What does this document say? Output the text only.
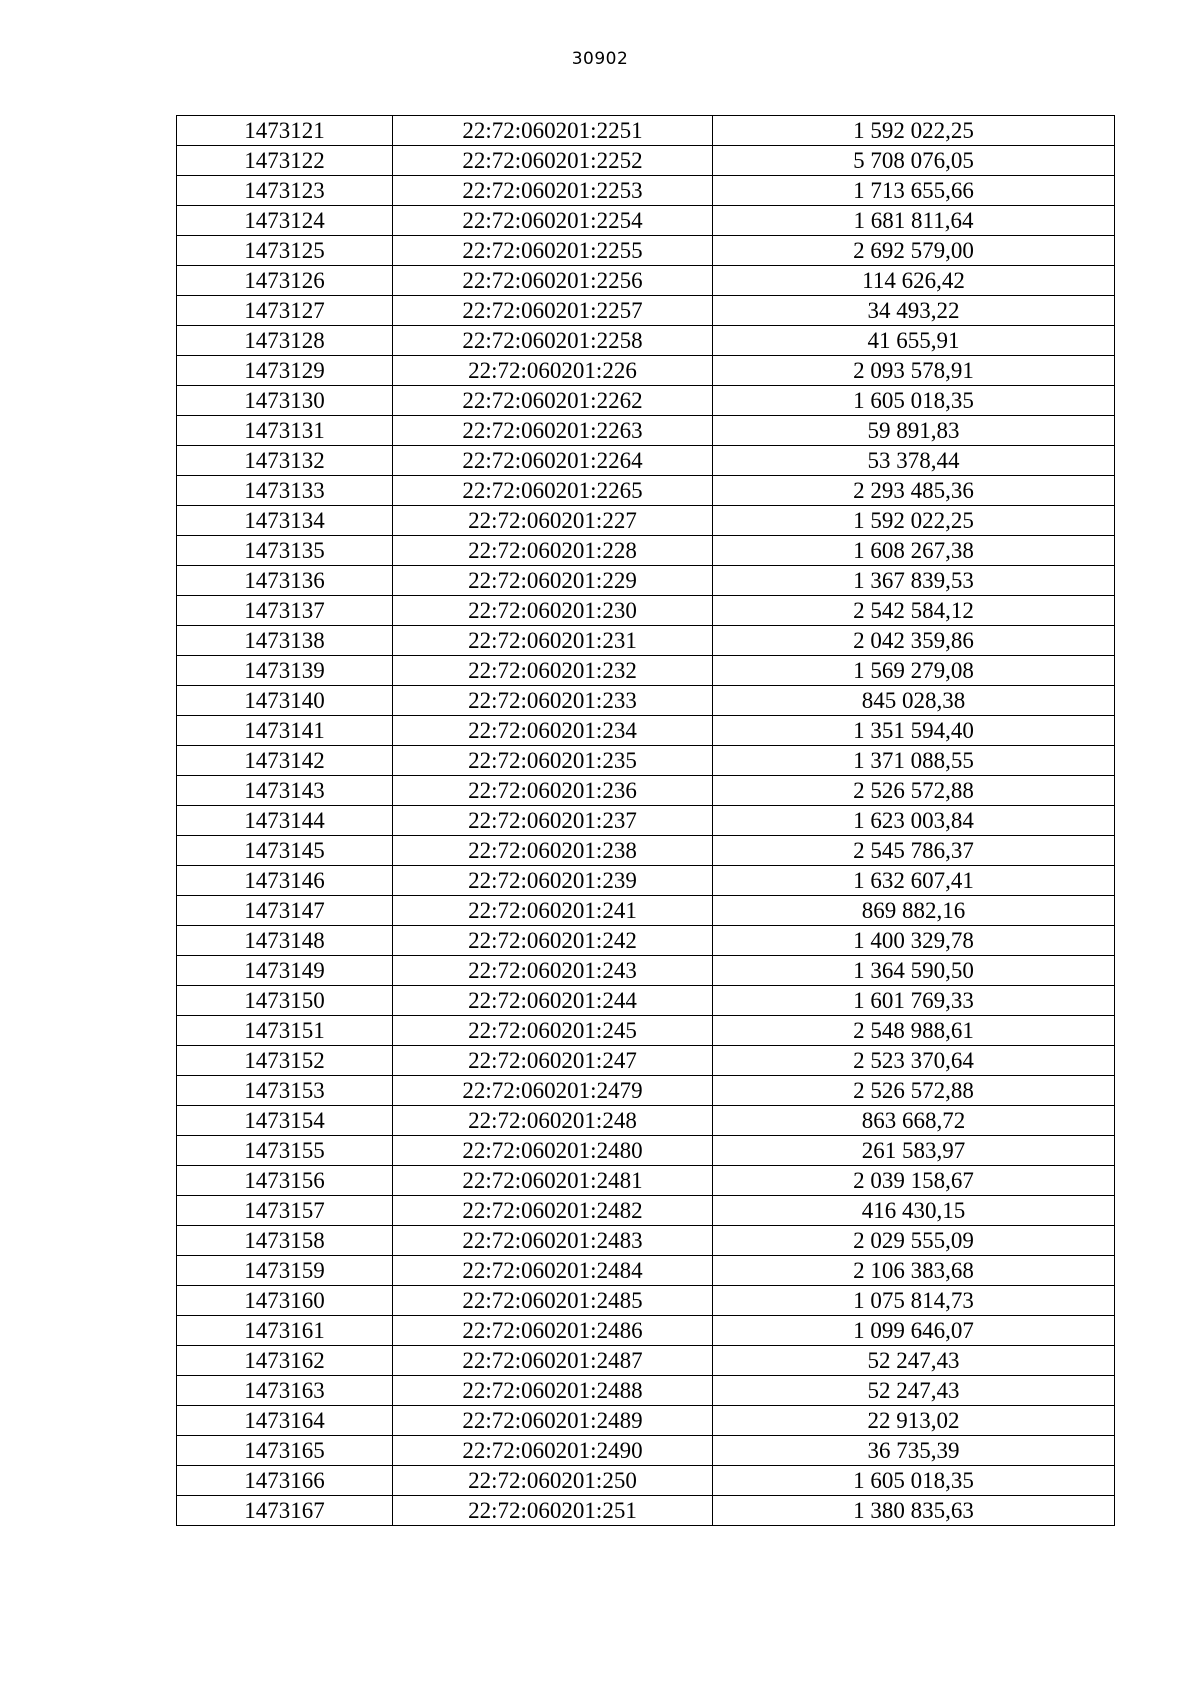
30902
1473121	22:72:060201:2251	1 592 022,25
1473122	22:72:060201:2252	5 708 076,05
1473123	22:72:060201:2253	1 713 655,66
1473124	22:72:060201:2254	1 681 811,64
1473125	22:72:060201:2255	2 692 579,00
1473126	22:72:060201:2256	114 626,42
1473127	22:72:060201:2257	34 493,22
1473128	22:72:060201:2258	41 655,91
1473129	22:72:060201:226	2 093 578,91
1473130	22:72:060201:2262	1 605 018,35
1473131	22:72:060201:2263	59 891,83
1473132	22:72:060201:2264	53 378,44
1473133	22:72:060201:2265	2 293 485,36
1473134	22:72:060201:227	1 592 022,25
1473135	22:72:060201:228	1 608 267,38
1473136	22:72:060201:229	1 367 839,53
1473137	22:72:060201:230	2 542 584,12
1473138	22:72:060201:231	2 042 359,86
1473139	22:72:060201:232	1 569 279,08
1473140	22:72:060201:233	845 028,38
1473141	22:72:060201:234	1 351 594,40
1473142	22:72:060201:235	1 371 088,55
1473143	22:72:060201:236	2 526 572,88
1473144	22:72:060201:237	1 623 003,84
1473145	22:72:060201:238	2 545 786,37
1473146	22:72:060201:239	1 632 607,41
1473147	22:72:060201:241	869 882,16
1473148	22:72:060201:242	1 400 329,78
1473149	22:72:060201:243	1 364 590,50
1473150	22:72:060201:244	1 601 769,33
1473151	22:72:060201:245	2 548 988,61
1473152	22:72:060201:247	2 523 370,64
1473153	22:72:060201:2479	2 526 572,88
1473154	22:72:060201:248	863 668,72
1473155	22:72:060201:2480	261 583,97
1473156	22:72:060201:2481	2 039 158,67
1473157	22:72:060201:2482	416 430,15
1473158	22:72:060201:2483	2 029 555,09
1473159	22:72:060201:2484	2 106 383,68
1473160	22:72:060201:2485	1 075 814,73
1473161	22:72:060201:2486	1 099 646,07
1473162	22:72:060201:2487	52 247,43
1473163	22:72:060201:2488	52 247,43
1473164	22:72:060201:2489	22 913,02
1473165	22:72:060201:2490	36 735,39
1473166	22:72:060201:250	1 605 018,35
1473167	22:72:060201:251	1 380 835,63
